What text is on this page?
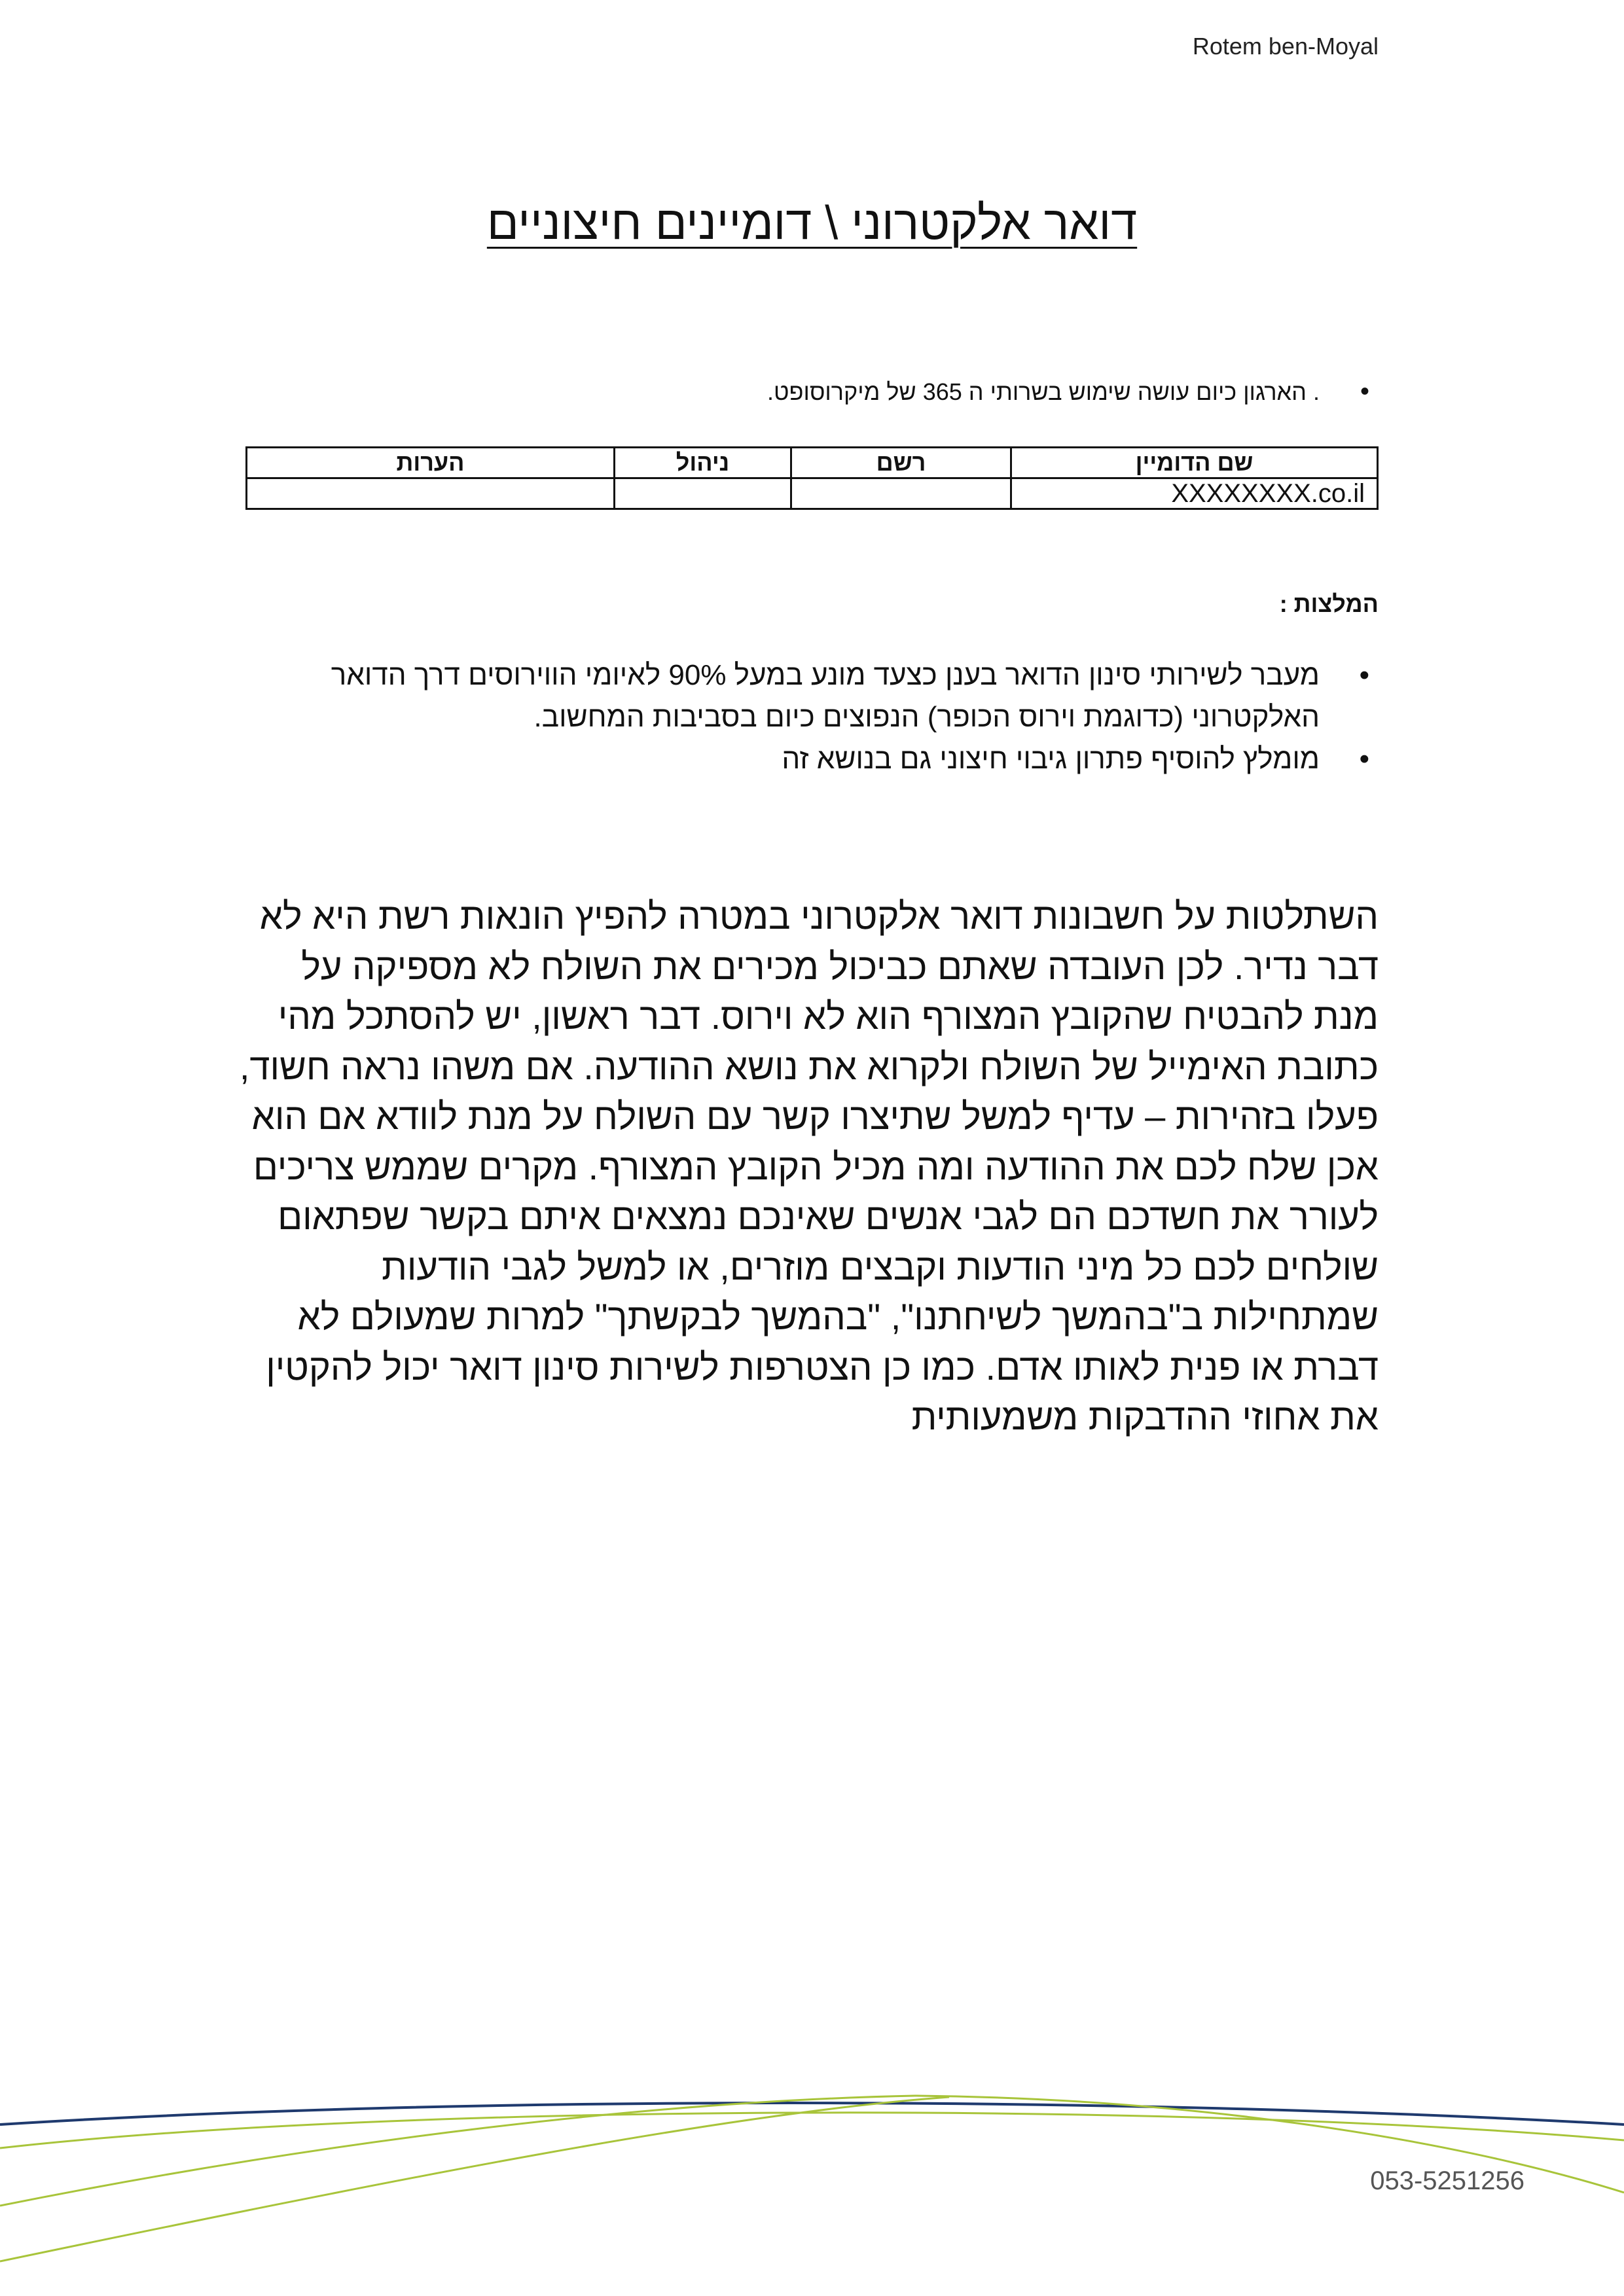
Rotem ben-Moyal
דואר אלקטרוני \ דומיינים חיצוניים
• . הארגון כיום עושה שימוש בשרותי ה 365 של מיקרוסופט.
שם הדומיין	רשם	ניהול	הערות
XXXXXXXX.co.il			
המלצות :
• מעבר לשירותי סינון הדואר בענן כצעד מונע במעל 90% לאיומי הווירוסים דרך הדואר האלקטרוני (כדוגמת וירוס הכופר) הנפוצים כיום בסביבות המחשוב.
• מומלץ להוסיף פתרון גיבוי חיצוני גם בנושא זה

השתלטות על חשבונות דואר אלקטרוני במטרה להפיץ הונאות רשת היא לא דבר נדיר. לכן העובדה שאתם כביכול מכירים את השולח לא מספיקה על מנת להבטיח שהקובץ המצורף הוא לא וירוס. דבר ראשון, יש להסתכל מהי כתובת האימייל של השולח ולקרוא את נושא ההודעה. אם משהו נראה חשוד, פעלו בזהירות – עדיף למשל שתיצרו קשר עם השולח על מנת לוודא אם הוא אכן שלח לכם את ההודעה ומה מכיל הקובץ המצורף. מקרים שממש צריכים לעורר את חשדכם הם לגבי אנשים שאינכם נמצאים איתם בקשר שפתאום שולחים לכם כל מיני הודעות וקבצים מוזרים, או למשל לגבי הודעות שמתחילות ב"בהמשך לשיחתנו", "בהמשך לבקשתך" למרות שמעולם לא דברת או פנית לאותו אדם. כמו כן הצטרפות לשירות סינון דואר יכול להקטין את אחוזי ההדבקות משמעותית

053-5251256
